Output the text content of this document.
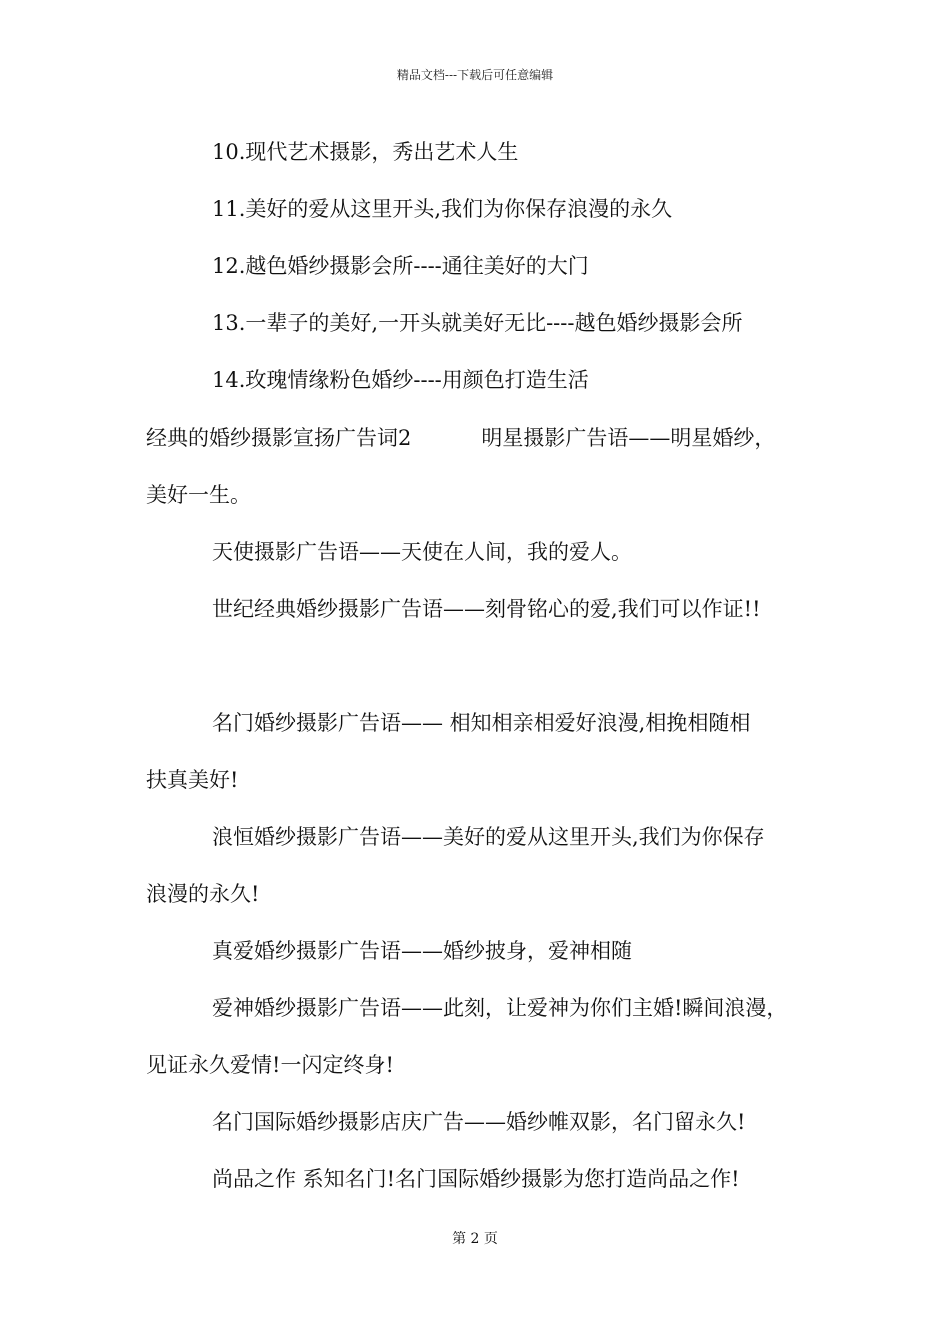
精品文档---下载后可任意编辑
10.现代艺术摄影，秀出艺术人生
11.美好的爱从这里开头,我们为你保存浪漫的永久
12.越色婚纱摄影会所----通往美好的大门
13.一辈子的美好,一开头就美好无比----越色婚纱摄影会所
14.玫瑰情缘粉色婚纱----用颜色打造生活
经典的婚纱摄影宣扬广告词2	明星摄影广告语——明星婚纱，
美好一生。
天使摄影广告语——天使在人间，我的爱人。
世纪经典婚纱摄影广告语——刻骨铭心的爱,我们可以作证!!
名门婚纱摄影广告语—— 相知相亲相爱好浪漫,相挽相随相
扶真美好!
浪恒婚纱摄影广告语——美好的爱从这里开头,我们为你保存
浪漫的永久!
真爱婚纱摄影广告语——婚纱披身，爱神相随
爱神婚纱摄影广告语——此刻，让爱神为你们主婚!瞬间浪漫，
见证永久爱情!一闪定终身!
名门国际婚纱摄影店庆广告——婚纱帷双影，名门留永久!
尚品之作 系知名门!名门国际婚纱摄影为您打造尚品之作!
第 2 页
